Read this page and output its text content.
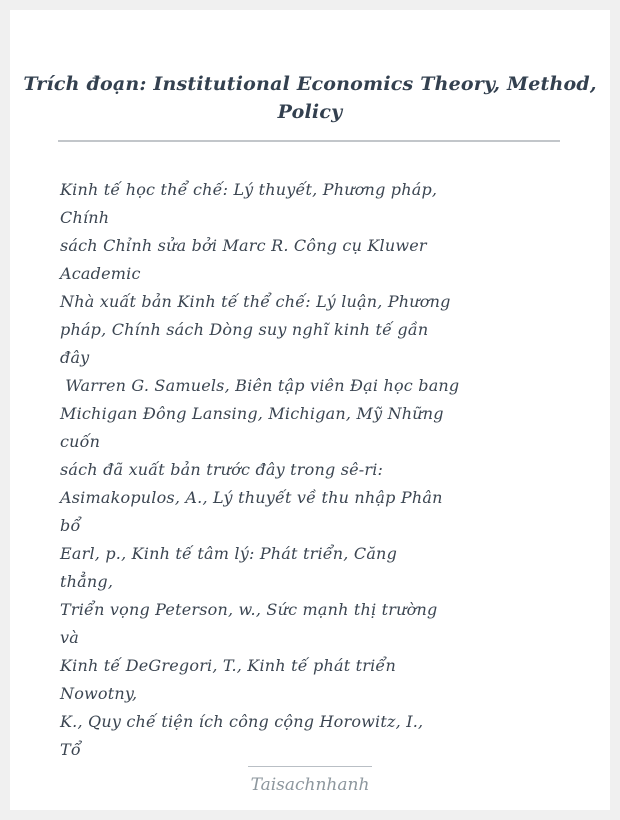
Trích đoạn: Institutional Economics Theory, Method, Policy
Kinh tế học thể chế: Lý thuyết, Phương pháp,
Chính
sách Chỉnh sửa bởi Marc R. Công cụ Kluwer
Academic
Nhà xuất bản Kinh tế thể chế: Lý luận, Phương
pháp, Chính sách Dòng suy nghĩ kinh tế gần
đây
Warren G. Samuels, Biên tập viên Đại học bang
Michigan Đông Lansing, Michigan, Mỹ Những
cuốn
sách đã xuất bản trước đây trong sê-ri:
Asimakopulos, A., Lý thuyết về thu nhập Phân
bổ
Earl, p., Kinh tế tâm lý: Phát triển, Căng
thẳng,
Triển vọng Peterson, w., Sức mạnh thị trường
và
Kinh tế DeGregori, T., Kinh tế phát triển
Nowotny,
K., Quy chế tiện ích công cộng Horowitz, I.,
Tổ
Taisachnhanh
